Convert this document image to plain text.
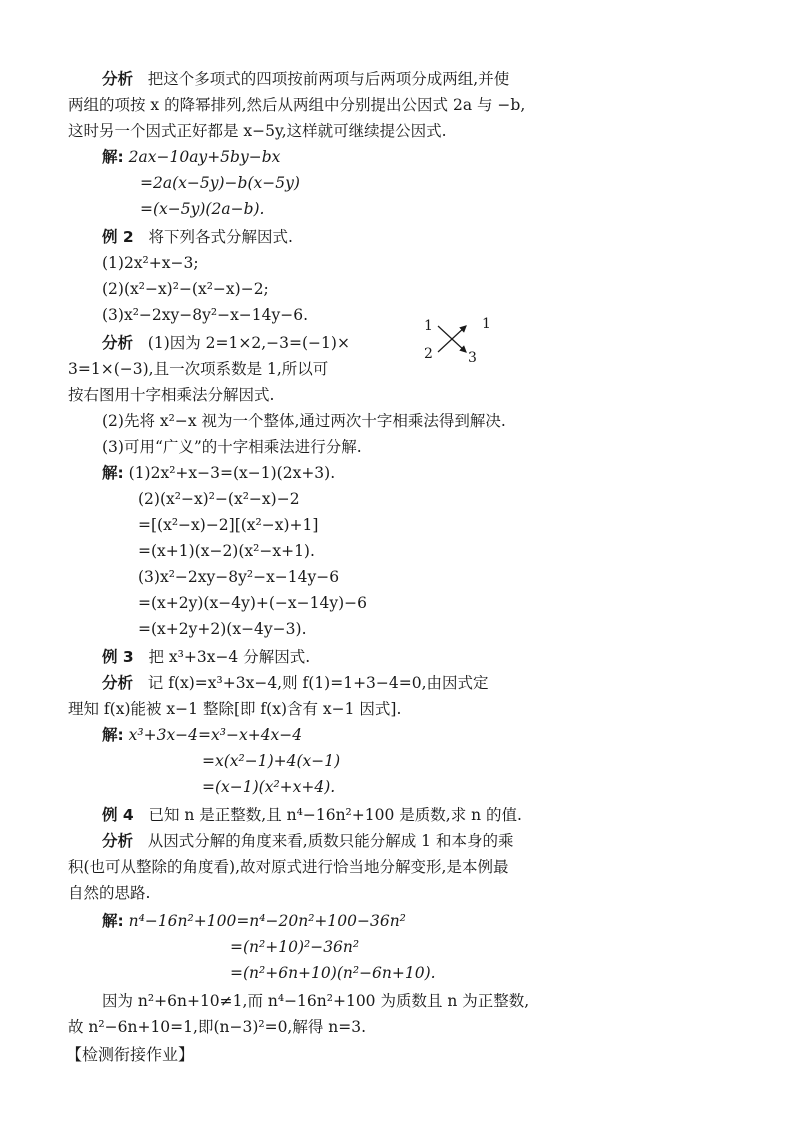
分析 把这个多项式的四项按前两项与后两项分成两组,并使
两组的项按 x 的降幂排列,然后从两组中分别提出公因式 2a 与 −b,
这时另一个因式正好都是 x−5y,这样就可继续提公因式.
解: 2ax−10ay+5by−bx
=2a(x−5y)−b(x−5y)
=(x−5y)(2a−b).
例 2 将下列各式分解因式.
(1)2x²+x−3;
(2)(x²−x)²−(x²−x)−2;
(3)x²−2xy−8y²−x−14y−6.
分析 (1)因为 2=1×2,−3=(−1)×
3=1×(−3),且一次项系数是 1,所以可
按右图用十字相乘法分解因式.
(2)先将 x²−x 视为一个整体,通过两次十字相乘法得到解决.
(3)可用“广义”的十字相乘法进行分解.
1
2
1
3
解: (1)2x²+x−3=(x−1)(2x+3).
(2)(x²−x)²−(x²−x)−2
=[(x²−x)−2][(x²−x)+1]
=(x+1)(x−2)(x²−x+1).
(3)x²−2xy−8y²−x−14y−6
=(x+2y)(x−4y)+(−x−14y)−6
=(x+2y+2)(x−4y−3).
例 3 把 x³+3x−4 分解因式.
分析 记 f(x)=x³+3x−4,则 f(1)=1+3−4=0,由因式定
理知 f(x)能被 x−1 整除[即 f(x)含有 x−1 因式].
解: x³+3x−4=x³−x+4x−4
=x(x²−1)+4(x−1)
=(x−1)(x²+x+4).
例 4 已知 n 是正整数,且 n⁴−16n²+100 是质数,求 n 的值.
分析 从因式分解的角度来看,质数只能分解成 1 和本身的乘
积(也可从整除的角度看),故对原式进行恰当地分解变形,是本例最
自然的思路.
解: n⁴−16n²+100=n⁴−20n²+100−36n²
=(n²+10)²−36n²
=(n²+6n+10)(n²−6n+10).
因为 n²+6n+10≠1,而 n⁴−16n²+100 为质数且 n 为正整数,
故 n²−6n+10=1,即(n−3)²=0,解得 n=3.
【检测衔接作业】
